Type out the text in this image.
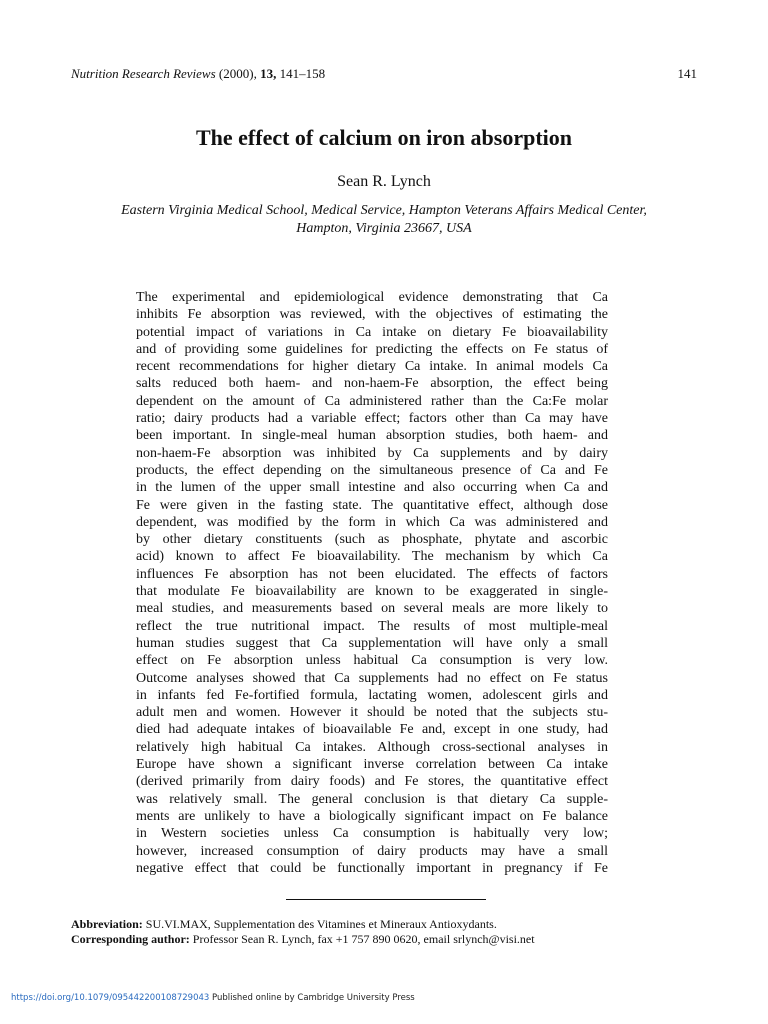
Nutrition Research Reviews (2000), 13, 141–158	141
The effect of calcium on iron absorption
Sean R. Lynch
Eastern Virginia Medical School, Medical Service, Hampton Veterans Affairs Medical Center,
Hampton, Virginia 23667, USA
The experimental and epidemiological evidence demonstrating that Ca
inhibits Fe absorption was reviewed, with the objectives of estimating the
potential impact of variations in Ca intake on dietary Fe bioavailability
and of providing some guidelines for predicting the effects on Fe status of
recent recommendations for higher dietary Ca intake. In animal models Ca
salts reduced both haem- and non-haem-Fe absorption, the effect being
dependent on the amount of Ca administered rather than the Ca:Fe molar
ratio; dairy products had a variable effect; factors other than Ca may have
been important. In single-meal human absorption studies, both haem- and
non-haem-Fe absorption was inhibited by Ca supplements and by dairy
products, the effect depending on the simultaneous presence of Ca and Fe
in the lumen of the upper small intestine and also occurring when Ca and
Fe were given in the fasting state. The quantitative effect, although dose
dependent, was modified by the form in which Ca was administered and
by other dietary constituents (such as phosphate, phytate and ascorbic
acid) known to affect Fe bioavailability. The mechanism by which Ca
influences Fe absorption has not been elucidated. The effects of factors
that modulate Fe bioavailability are known to be exaggerated in single-
meal studies, and measurements based on several meals are more likely to
reflect the true nutritional impact. The results of most multiple-meal
human studies suggest that Ca supplementation will have only a small
effect on Fe absorption unless habitual Ca consumption is very low.
Outcome analyses showed that Ca supplements had no effect on Fe status
in infants fed Fe-fortified formula, lactating women, adolescent girls and
adult men and women. However it should be noted that the subjects stu-
died had adequate intakes of bioavailable Fe and, except in one study, had
relatively high habitual Ca intakes. Although cross-sectional analyses in
Europe have shown a significant inverse correlation between Ca intake
(derived primarily from dairy foods) and Fe stores, the quantitative effect
was relatively small. The general conclusion is that dietary Ca supple-
ments are unlikely to have a biologically significant impact on Fe balance
in Western societies unless Ca consumption is habitually very low;
however, increased consumption of dairy products may have a small
negative effect that could be functionally important in pregnancy if Fe
Abbreviation: SU.VI.MAX, Supplementation des Vitamines et Mineraux Antioxydants.
Corresponding author: Professor Sean R. Lynch, fax +1 757 890 0620, email srlynch@visi.net
https://doi.org/10.1079/095442200108729043 Published online by Cambridge University Press
